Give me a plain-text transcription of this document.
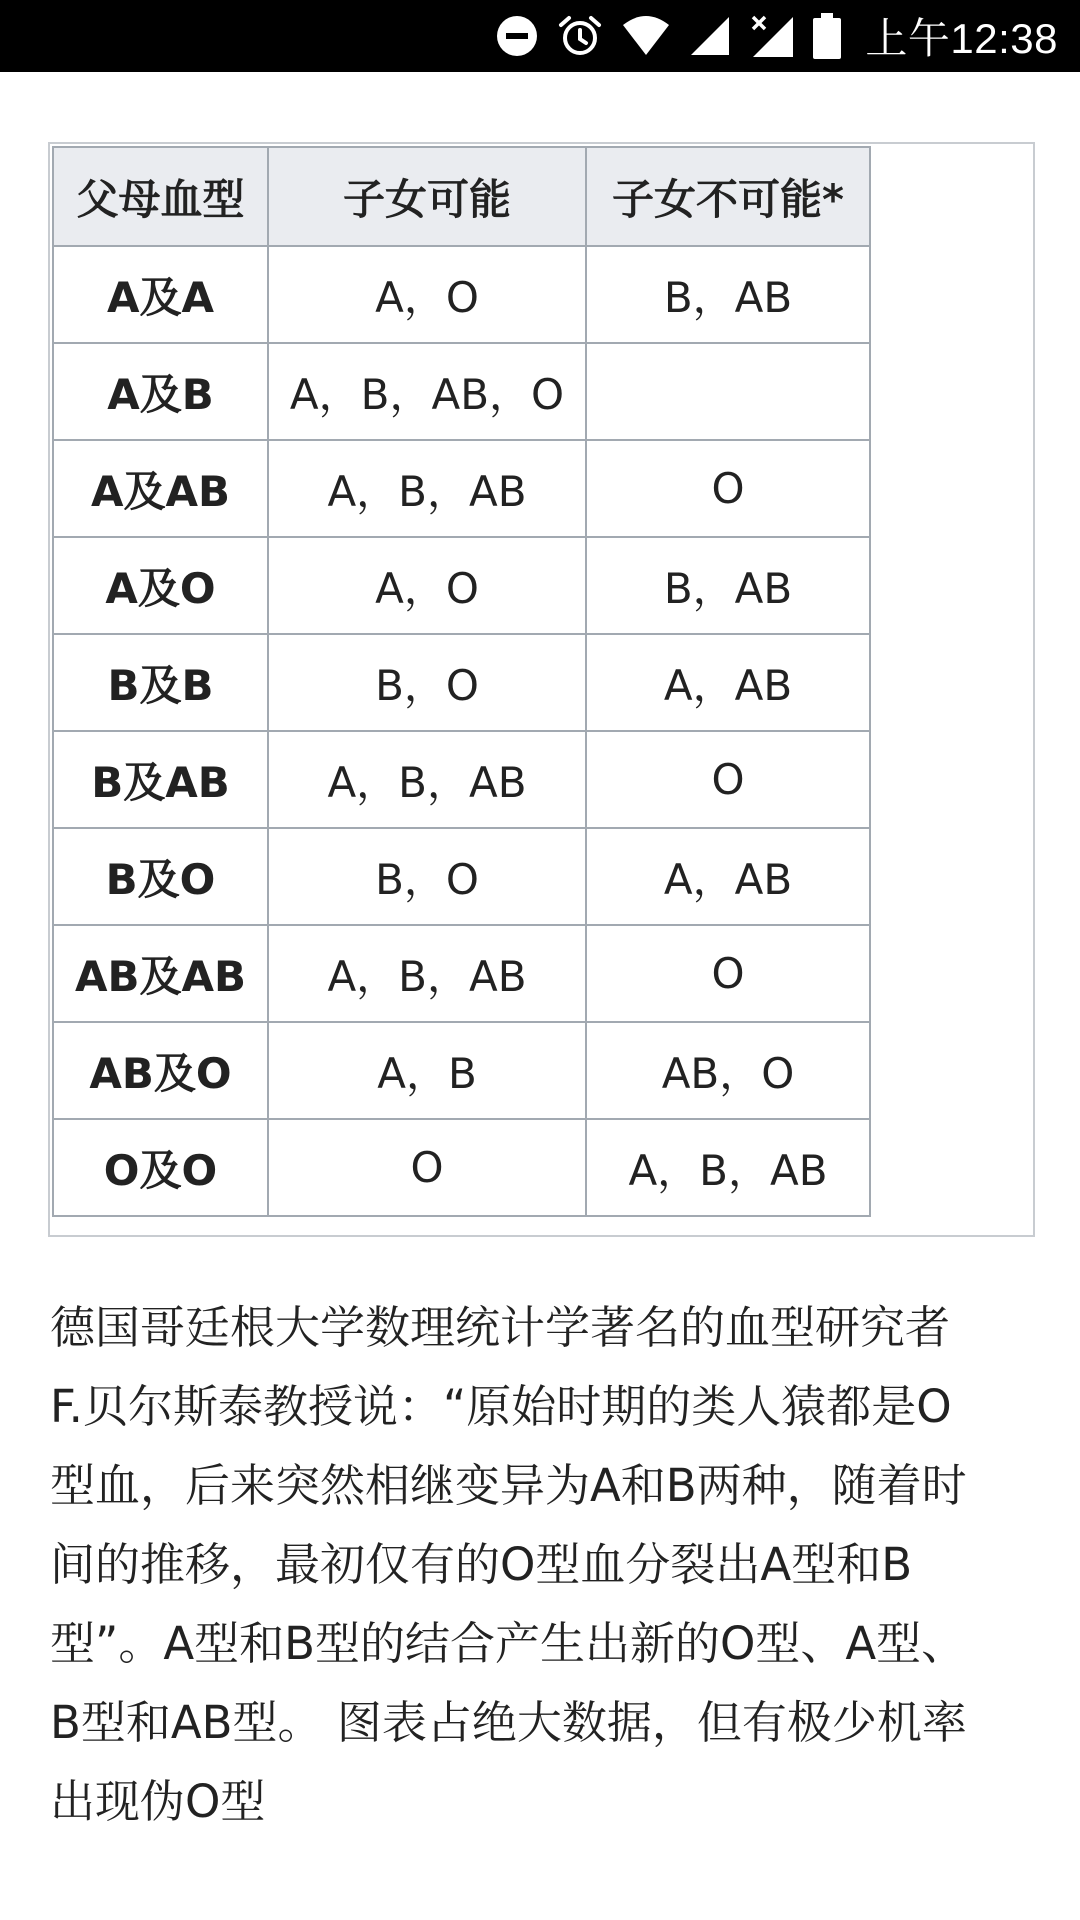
上午12:38
父母血型	子女可能	子女不可能*
A及A	A，O	B，AB
A及B	A，B，AB，O	
A及AB	A，B，AB	O
A及O	A，O	B，AB
B及B	B，O	A，AB
B及AB	A，B，AB	O
B及O	B，O	A，AB
AB及AB	A，B，AB	O
AB及O	A，B	AB，O
O及O	O	A，B，AB
德国哥廷根大学数理统计学著名的血型研究者
F.贝尔斯泰教授说：“原始时期的类人猿都是O
型血，后来突然相继变异为A和B两种，随着时
间的推移，最初仅有的O型血分裂出A型和B
型”。A型和B型的结合产生出新的O型、A型、
B型和AB型。 图表占绝大数据，但有极少机率
出现伪O型
